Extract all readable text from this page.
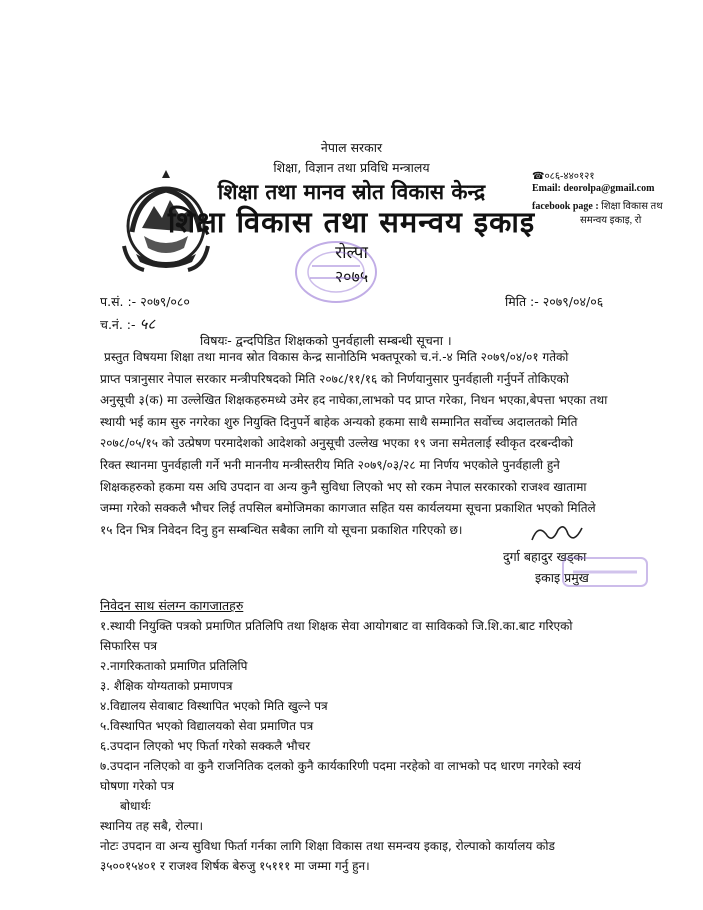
नेपाल सरकार
शिक्षा, विज्ञान तथा प्रविधि मन्त्रालय
शिक्षा तथा मानव स्रोत विकास केन्द्र
शिक्षा विकास तथा समन्वय इकाइ
रोल्पा
२०७५
☎०८६-४४०१२१
Email: deorolpa@gmail.com
facebook page : शिक्षा विकास तथ
समन्वय इकाइ, रो
प.सं. :- २०७९/०८०	मिति :- २०७९/०४/०६
च.नं. :- ५८
विषयः- द्वन्दपिडित शिक्षकको पुनर्वहाली सम्बन्धी सूचना ।
प्रस्तुत विषयमा शिक्षा तथा मानव स्रोत विकास केन्द्र सानोठिमि भक्तपूरको च.नं.-४ मिति २०७९/०४/०१ गतेको
प्राप्त पत्रानुसार नेपाल सरकार मन्त्रीपरिषदको मिति २०७८/११/१६ को निर्णयानुसार पुनर्वहाली गर्नुपर्ने तोकिएको
अनुसूची ३(क) मा उल्लेखित शिक्षकहरुमध्ये उमेर हद नाघेका,लाभको पद प्राप्त गरेका, निधन भएका,बेपत्ता भएका तथा
स्थायी भई काम सुरु नगरेका शुरु नियुक्ति दिनुपर्ने बाहेक अन्यको हकमा साथै सम्मानित सर्वोच्च अदालतको मिति
२०७८/०५/१५ को उत्प्रेषण परमादेशको आदेशको अनुसूची उल्लेख भएका १९ जना समेतलाई स्वीकृत दरबन्दीको
रिक्त स्थानमा पुनर्वहाली गर्ने भनी माननीय मन्त्रीस्तरीय मिति २०७९/०३/२८ मा निर्णय भएकोले पुनर्वहाली हुने
शिक्षकहरुको हकमा यस अघि उपदान वा अन्य कुनै सुविधा लिएको भए सो रकम नेपाल सरकारको राजश्व खातामा
जम्मा गरेको सक्कलै भौचर लिई तपसिल बमोजिमका कागजात सहित यस कार्यलयमा सूचना प्रकाशित भएको मितिले
१५ दिन भित्र निवेदन दिनु हुन सम्बन्धित सबैका लागि यो सूचना प्रकाशित गरिएको छ।
दुर्गा बहादुर खड्का
इकाइ प्रमुख
निवेदन साथ संलग्न कागजातहरु
१.स्थायी नियुक्ति पत्रको प्रमाणित प्रतिलिपि तथा शिक्षक सेवा आयोगबाट वा साविकको जि.शि.का.बाट गरिएको
सिफारिस पत्र
२.नागरिकताको प्रमाणित प्रतिलिपि
३. शैक्षिक योग्यताको प्रमाणपत्र
४.विद्यालय सेवाबाट विस्थापित भएको मिति खुल्ने पत्र
५.विस्थापित भएको विद्यालयको सेवा प्रमाणित पत्र
६.उपदान लिएको भए फिर्ता गरेको सक्कलै भौचर
७.उपदान नलिएको वा कुनै राजनितिक दलको कुनै कार्यकारिणी पदमा नरहेको वा लाभको पद धारण नगरेको स्वयं
घोषणा गरेको पत्र
बोधार्थः
स्थानिय तह सबै, रोल्पा।
नोटः उपदान वा अन्य सुविधा फिर्ता गर्नका लागि शिक्षा विकास तथा समन्वय इकाइ, रोल्पाको कार्यालय कोड
३५००१५४०१ र राजश्व शिर्षक बेरुजु १५१११ मा जम्मा गर्नु हुन।
